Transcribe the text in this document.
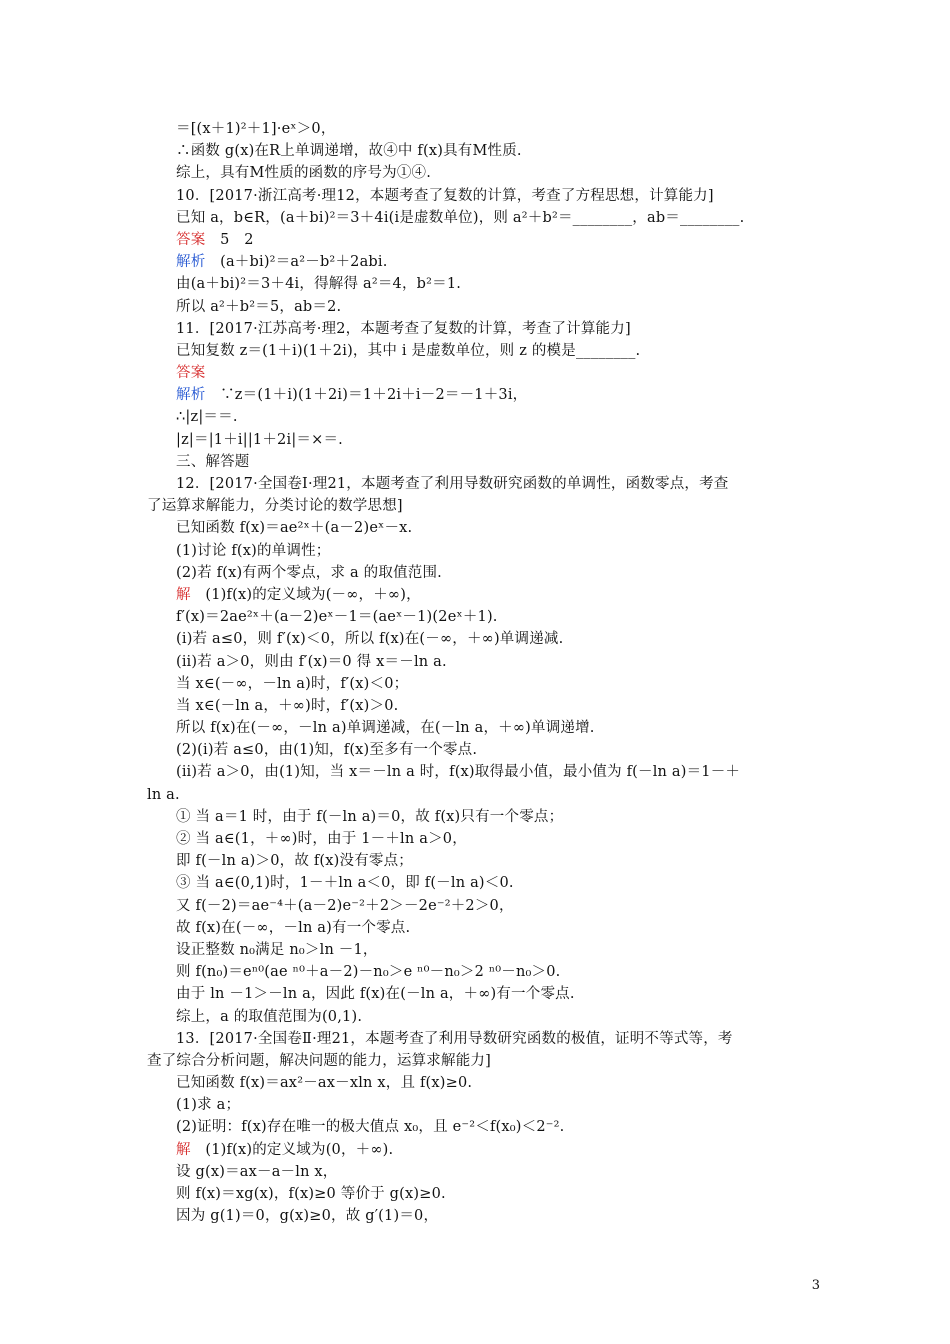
＝[(x＋1)²＋1]·eˣ＞0，
∴函数 g(x)在R上单调递增，故④中 f(x)具有M性质.
综上，具有M性质的函数的序号为①④.
10．[2017·浙江高考·理12，本题考查了复数的计算，考查了方程思想，计算能力]
已知 a，b∈R，(a＋bi)²＝3＋4i(i是虚数单位)，则 a²＋b²＝________，ab＝________.
答案　5　2
解析　(a＋bi)²＝a²－b²＋2abi.
由(a＋bi)²＝3＋4i，得解得 a²＝4，b²＝1.
所以 a²＋b²＝5，ab＝2.
11．[2017·江苏高考·理2，本题考查了复数的计算，考查了计算能力]
已知复数 z＝(1＋i)(1＋2i)，其中 i 是虚数单位，则 z 的模是________.
答案
解析　∵z＝(1＋i)(1＋2i)＝1＋2i＋i－2＝－1＋3i，
∴|z|＝＝.
|z|＝|1＋i||1＋2i|＝×＝.
三、解答题
12．[2017·全国卷Ⅰ·理21，本题考查了利用导数研究函数的单调性，函数零点，考查
了运算求解能力，分类讨论的数学思想]
已知函数 f(x)＝ae²ˣ＋(a－2)eˣ－x.
(1)讨论 f(x)的单调性；
(2)若 f(x)有两个零点，求 a 的取值范围.
解　(1)f(x)的定义域为(－∞，＋∞)，
f′(x)＝2ae²ˣ＋(a－2)eˣ－1＝(aeˣ－1)(2eˣ＋1).
(ⅰ)若 a≤0，则 f′(x)＜0，所以 f(x)在(－∞，＋∞)单调递减.
(ⅱ)若 a＞0，则由 f′(x)＝0 得 x＝－ln a.
当 x∈(－∞，－ln a)时，f′(x)＜0；
当 x∈(－ln a，＋∞)时，f′(x)＞0.
所以 f(x)在(－∞，－ln a)单调递减，在(－ln a，＋∞)单调递增.
(2)(ⅰ)若 a≤0，由(1)知，f(x)至多有一个零点.
(ⅱ)若 a＞0，由(1)知，当 x＝－ln a 时，f(x)取得最小值，最小值为 f(－ln a)＝1－＋
ln a.
① 当 a＝1 时，由于 f(－ln a)＝0，故 f(x)只有一个零点；
② 当 a∈(1，＋∞)时，由于 1－＋ln a＞0，
即 f(－ln a)＞0，故 f(x)没有零点；
③ 当 a∈(0,1)时，1－＋ln a＜0，即 f(－ln a)＜0.
又 f(－2)＝ae⁻⁴＋(a－2)e⁻²＋2＞－2e⁻²＋2＞0，
故 f(x)在(－∞，－ln a)有一个零点.
设正整数 n₀满足 n₀＞ln －1，
则 f(n₀)＝eⁿ⁰(ae ⁿ⁰＋a－2)－n₀＞e ⁿ⁰－n₀＞2 ⁿ⁰－n₀＞0.
由于 ln －1＞－ln a，因此 f(x)在(－ln a，＋∞)有一个零点.
综上，a 的取值范围为(0,1).
13．[2017·全国卷Ⅱ·理21，本题考查了利用导数研究函数的极值，证明不等式等，考
查了综合分析问题，解决问题的能力，运算求解能力]
已知函数 f(x)＝ax²－ax－xln x，且 f(x)≥0.
(1)求 a；
(2)证明：f(x)存在唯一的极大值点 x₀，且 e⁻²＜f(x₀)＜2⁻².
解　(1)f(x)的定义域为(0，＋∞).
设 g(x)＝ax－a－ln x，
则 f(x)＝xg(x)，f(x)≥0 等价于 g(x)≥0.
因为 g(1)＝0，g(x)≥0，故 g′(1)＝0，
3
